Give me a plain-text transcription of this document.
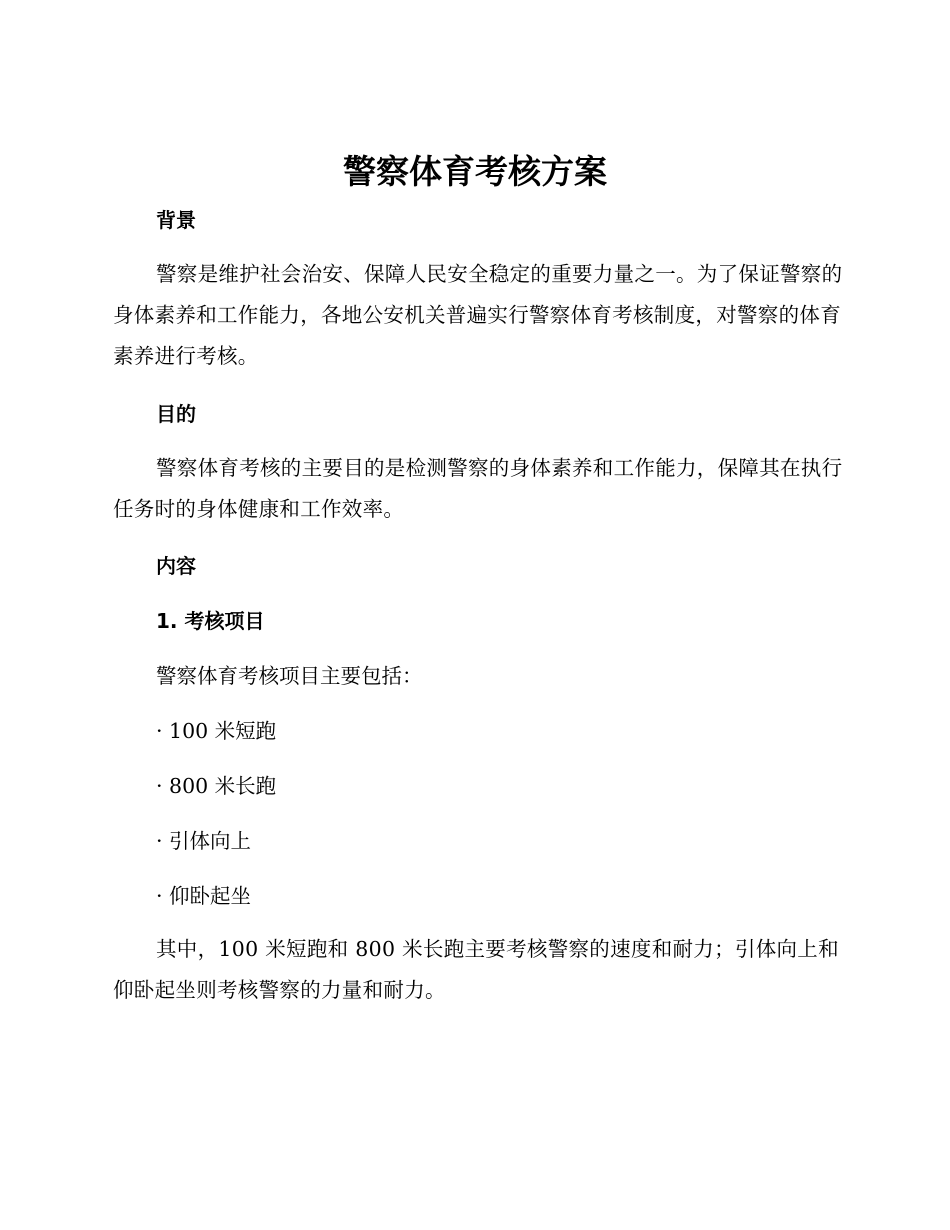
警察体育考核方案
背景

警察是维护社会治安、保障人民安全稳定的重要力量之一。为了保证警察的身体素养和工作能力，各地公安机关普遍实行警察体育考核制度，对警察的体育素养进行考核。

目的

警察体育考核的主要目的是检测警察的身体素养和工作能力，保障其在执行任务时的身体健康和工作效率。

内容
1. 考核项目

警察体育考核项目主要包括：

· 100 米短跑

· 800 米长跑

· 引体向上

· 仰卧起坐

其中，100 米短跑和 800 米长跑主要考核警察的速度和耐力；引体向上和仰卧起坐则考核警察的力量和耐力。
